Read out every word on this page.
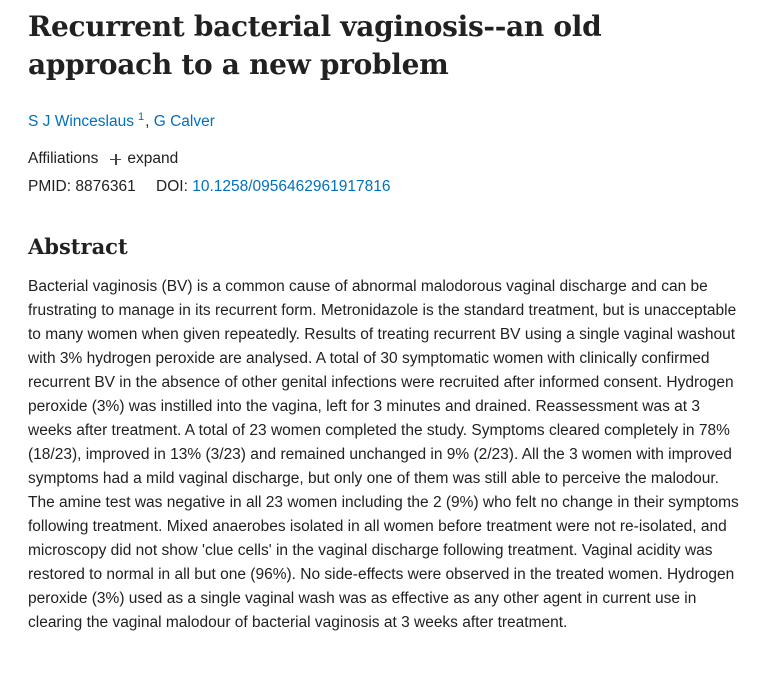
Recurrent bacterial vaginosis--an old approach to a new problem
S J Winceslaus $^1$, G Calver
Affiliations expand
PMID: 8876361 DOI: 10.1258/0956462961917816
Abstract
Bacterial vaginosis (BV) is a common cause of abnormal malodorous vaginal discharge and can be frustrating to manage in its recurrent form. Metronidazole is the standard treatment, but is unacceptable to many women when given repeatedly. Results of treating recurrent BV using a single vaginal washout with 3% hydrogen peroxide are analysed. A total of 30 symptomatic women with clinically confirmed recurrent BV in the absence of other genital infections were recruited after informed consent. Hydrogen peroxide (3%) was instilled into the vagina, left for 3 minutes and drained. Reassessment was at 3 weeks after treatment. A total of 23 women completed the study. Symptoms cleared completely in 78% (18/23), improved in 13% (3/23) and remained unchanged in 9% (2/23). All the 3 women with improved symptoms had a mild vaginal discharge, but only one of them was still able to perceive the malodour. The amine test was negative in all 23 women including the 2 (9%) who felt no change in their symptoms following treatment. Mixed anaerobes isolated in all women before treatment were not re-isolated, and microscopy did not show 'clue cells' in the vaginal discharge following treatment. Vaginal acidity was restored to normal in all but one (96%). No side-effects were observed in the treated women. Hydrogen peroxide (3%) used as a single vaginal wash was as effective as any other agent in current use in clearing the vaginal malodour of bacterial vaginosis at 3 weeks after treatment.
